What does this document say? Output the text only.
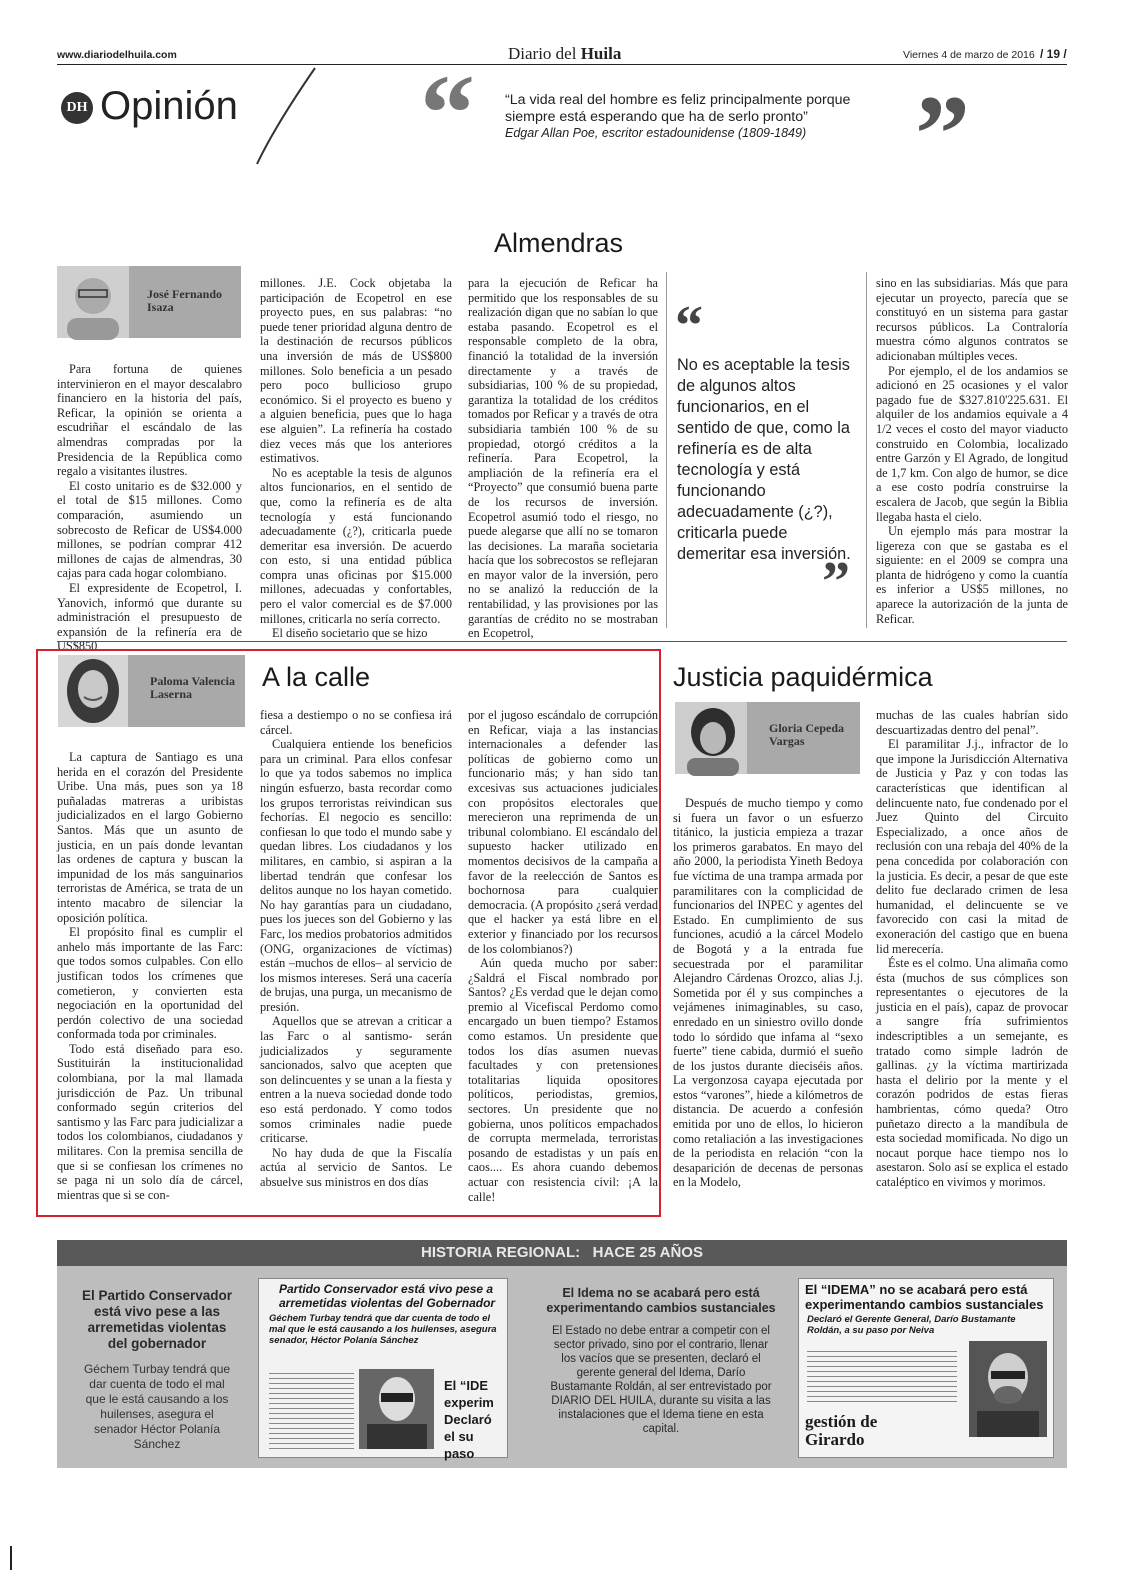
www.diariodelhuila.com	Diario del Huila	Viernes 4 de marzo de 2016 / 19 /
DH Opinión “ “La vida real del hombre es feliz principalmente porque siempre está esperando que ha de serlo pronto”
Edgar Allan Poe, escritor estadounidense (1809-1849) ”
Almendras
José Fernando Isaza

Para fortuna de quienes intervinieron en el mayor descalabro financiero en la historia del país, Reficar, la opinión se orienta a escudriñar el escándalo de las almendras compradas por la Presidencia de la República como regalo a visitantes ilustres.

El costo unitario es de $32.000 y el total de $15 millones. Como comparación, asumiendo un sobrecosto de Reficar de US$4.000 millones, se podrían comprar 412 millones de cajas de almendras, 30 cajas para cada hogar colombiano.

El expresidente de Ecopetrol, I. Yanovich, informó que durante su administración el presupuesto de expansión de la refinería era de US$850

millones. J.E. Cock objetaba la participación de Ecopetrol en ese proyecto pues, en sus palabras: “no puede tener prioridad alguna dentro de la destinación de recursos públicos una inversión de más de US$800 millones. Solo beneficia a un pesado pero poco bullicioso grupo económico. Si el proyecto es bueno y a alguien beneficia, pues que lo haga ese alguien”. La refinería ha costado diez veces más que los anteriores estimativos.

No es aceptable la tesis de algunos altos funcionarios, en el sentido de que, como la refinería es de alta tecnología y está funcionando adecuadamente (¿?), criticarla puede demeritar esa inversión. De acuerdo con esto, si una entidad pública compra unas oficinas por $15.000 millones, adecuadas y confortables, pero el valor comercial es de $7.000 millones, criticarla no sería correcto.

El diseño societario que se hizo

para la ejecución de Reficar ha permitido que los responsables de su realización digan que no sabían lo que estaba pasando. Ecopetrol es el responsable completo de la obra, financió la totalidad de la inversión directamente y a través de subsidiarias, 100 % de su propiedad, garantiza la totalidad de los créditos tomados por Reficar y a través de otra subsidiaria también 100 % de su propiedad, otorgó créditos a la refinería. Para Ecopetrol, la ampliación de la refinería era el “Proyecto” que consumió buena parte de los recursos de inversión. Ecopetrol asumió todo el riesgo, no puede alegarse que allí no se tomaron las decisiones. La maraña societaria hacía que los sobrecostos se reflejaran en mayor valor de la inversión, pero no se analizó la reducción de la rentabilidad, y las provisiones por las garantías de crédito no se mostraban en Ecopetrol,

“
No es aceptable la tesis de algunos altos funcionarios, en el sentido de que, como la refinería es de alta tecnología y está funcionando adecuadamente (¿?), criticarla puede demeritar esa inversión.
”

sino en las subsidiarias. Más que para ejecutar un proyecto, parecía que se constituyó en un sistema para gastar recursos públicos. La Contraloría muestra cómo algunos contratos se adicionaban múltiples veces.

Por ejemplo, el de los andamios se adicionó en 25 ocasiones y el valor pagado fue de $327.810'225.631. El alquiler de los andamios equivale a 4 1/2 veces el costo del mayor viaducto construido en Colombia, localizado entre Garzón y El Agrado, de longitud de 1,7 km. Con algo de humor, se dice a ese costo podría construirse la escalera de Jacob, que según la Biblia llegaba hasta el cielo.

Un ejemplo más para mostrar la ligereza con que se gastaba es el siguiente: en el 2009 se compra una planta de hidrógeno y como la cuantía es inferior a US$5 millones, no aparece la autorización de la junta de Reficar.

Paloma Valencia Laserna
A la calle

La captura de Santiago es una herida en el corazón del Presidente Uribe. Una más, pues son ya 18 puñaladas matreras a uribistas judicializados en el largo Gobierno Santos. Más que un asunto de justicia, en un país donde levantan las ordenes de captura y buscan la impunidad de los más sanguinarios terroristas de América, se trata de un intento macabro de silenciar la oposición política.

El propósito final es cumplir el anhelo más importante de las Farc: que todos somos culpables. Con ello justifican todos los crímenes que cometieron, y convierten esta negociación en la oportunidad del perdón colectivo de una sociedad conformada toda por criminales.

Todo está diseñado para eso. Sustituirán la institucionalidad colombiana, por la mal llamada jurisdicción de Paz. Un tribunal conformado según criterios del santismo y las Farc para judicializar a todos los colombianos, ciudadanos y militares. Con la premisa sencilla de que si se confiesan los crímenes no se paga ni un solo día de cárcel, mientras que si se con-

fiesa a destiempo o no se confiesa irá cárcel.

Cualquiera entiende los beneficios para un criminal. Para ellos confesar lo que ya todos sabemos no implica ningún esfuerzo, basta recordar como los grupos terroristas reivindican sus fechorías. El negocio es sencillo: confiesan lo que todo el mundo sabe y quedan libres. Los ciudadanos y los militares, en cambio, si aspiran a la libertad tendrán que confesar los delitos aunque no los hayan cometido. No hay garantías para un ciudadano, pues los jueces son del Gobierno y las Farc, los medios probatorios admitidos (ONG, organizaciones de víctimas) están –muchos de ellos– al servicio de los mismos intereses. Será una cacería de brujas, una purga, un mecanismo de presión.

Aquellos que se atrevan a criticar a las Farc o al santismo- serán judicializados y seguramente sancionados, salvo que acepten que son delincuentes y se unan a la fiesta y entren a la nueva sociedad donde todo eso está perdonado. Y como todos somos criminales nadie puede criticarse.

No hay duda de que la Fiscalía actúa al servicio de Santos. Le absuelve sus ministros en dos días

por el jugoso escándalo de corrupción en Reficar, viaja a las instancias internacionales a defender las políticas de gobierno como un funcionario más; y han sido tan excesivas sus actuaciones judiciales con propósitos electorales que merecieron una reprimenda de un tribunal colombiano. El escándalo del supuesto hacker utilizado en momentos decisivos de la campaña a favor de la reelección de Santos es bochornosa para cualquier democracia. (A propósito ¿será verdad que el hacker ya está libre en el exterior y financiado por los recursos de los colombianos?)

Aún queda mucho por saber: ¿Saldrá el Fiscal nombrado por Santos? ¿Es verdad que le dejan como premio al Vicefiscal Perdomo como encargado un buen tiempo? Estamos como estamos. Un presidente que todos los días asumen nuevas facultades y con pretensiones totalitarias liquida opositores políticos, periodistas, gremios, sectores. Un presidente que no gobierna, unos políticos empachados de corrupta mermelada, terroristas posando de estadistas y un país en caos.... Es ahora cuando debemos actuar con resistencia civil: ¡A la calle!

Justicia paquidérmica
Gloria Cepeda Vargas

Después de mucho tiempo y como si fuera un favor o un esfuerzo titánico, la justicia empieza a trazar los primeros garabatos. En mayo del año 2000, la periodista Yineth Bedoya fue víctima de una trampa armada por paramilitares con la complicidad de funcionarios del INPEC y agentes del Estado. En cumplimiento de sus funciones, acudió a la cárcel Modelo de Bogotá y a la entrada fue secuestrada por el paramilitar Alejandro Cárdenas Orozco, alias J.j. Sometida por él y sus compinches a vejámenes inimaginables, su caso, enredado en un siniestro ovillo donde todo lo sórdido que infama al “sexo fuerte” tiene cabida, durmió el sueño de los justos durante dieciséis años. La vergonzosa cayapa ejecutada por estos “varones”, hiede a kilómetros de distancia. De acuerdo a confesión emitida por uno de ellos, lo hicieron como retaliación a las investigaciones de la periodista en relación “con la desaparición de decenas de personas en la Modelo,

muchas de las cuales habrían sido descuartizadas dentro del penal”.

El paramilitar J.j., infractor de lo que impone la Jurisdicción Alternativa de Justicia y Paz y con todas las características que identifican al delincuente nato, fue condenado por el Juez Quinto del Circuito Especializado, a once años de reclusión con una rebaja del 40% de la pena concedida por colaboración con la justicia. Es decir, a pesar de que este delito fue declarado crimen de lesa humanidad, el delincuente se ve favorecido con casi la mitad de exoneración del castigo que en buena lid merecería.

Éste es el colmo. Una alimaña como ésta (muchos de sus cómplices son representantes o ejecutores de la justicia en el país), capaz de provocar a sangre fría sufrimientos indescriptibles a un semejante, es tratado como simple ladrón de gallinas. ¿y la víctima martirizada hasta el delirio por la mente y el corazón podridos de estas fieras hambrientas, cómo queda? Otro puñetazo directo a la mandíbula de esta sociedad momificada. No digo un nocaut porque hace tiempo nos lo asestaron. Solo así se explica el estado cataléptico en vivimos y morimos.

HISTORIA REGIONAL:   HACE 25 AÑOS
El Partido Conservador está vivo pese a las arremetidas violentas del gobernador
Géchem Turbay tendrá que dar cuenta de todo el mal que le está causando a los huilenses, asegura el senador Héctor Polanía Sánchez
Partido Conservador está vivo pese a arremetidas violentas del Gobernador
Géchem Turbay tendrá que dar cuenta de todo el mal que le está causando a los huilenses, asegura senador, Héctor Polanía Sánchez
El “IDE experim Declaró el su paso
El Idema no se acabará pero está experimentando cambios sustanciales
El Estado no debe entrar a competir con el sector privado, sino por el contrario, llenar los vacíos que se presenten, declaró el gerente general del Idema, Darío Bustamante Roldán, al ser entrevistado por DIARIO DEL HUILA, durante su visita a las instalaciones que el Idema tiene en esta capital.
El “IDEMA” no se acabará pero está experimentando cambios sustanciales
Declaró el Gerente General, Darío Bustamante Roldán, a su paso por Neiva
gestión de Girardo
